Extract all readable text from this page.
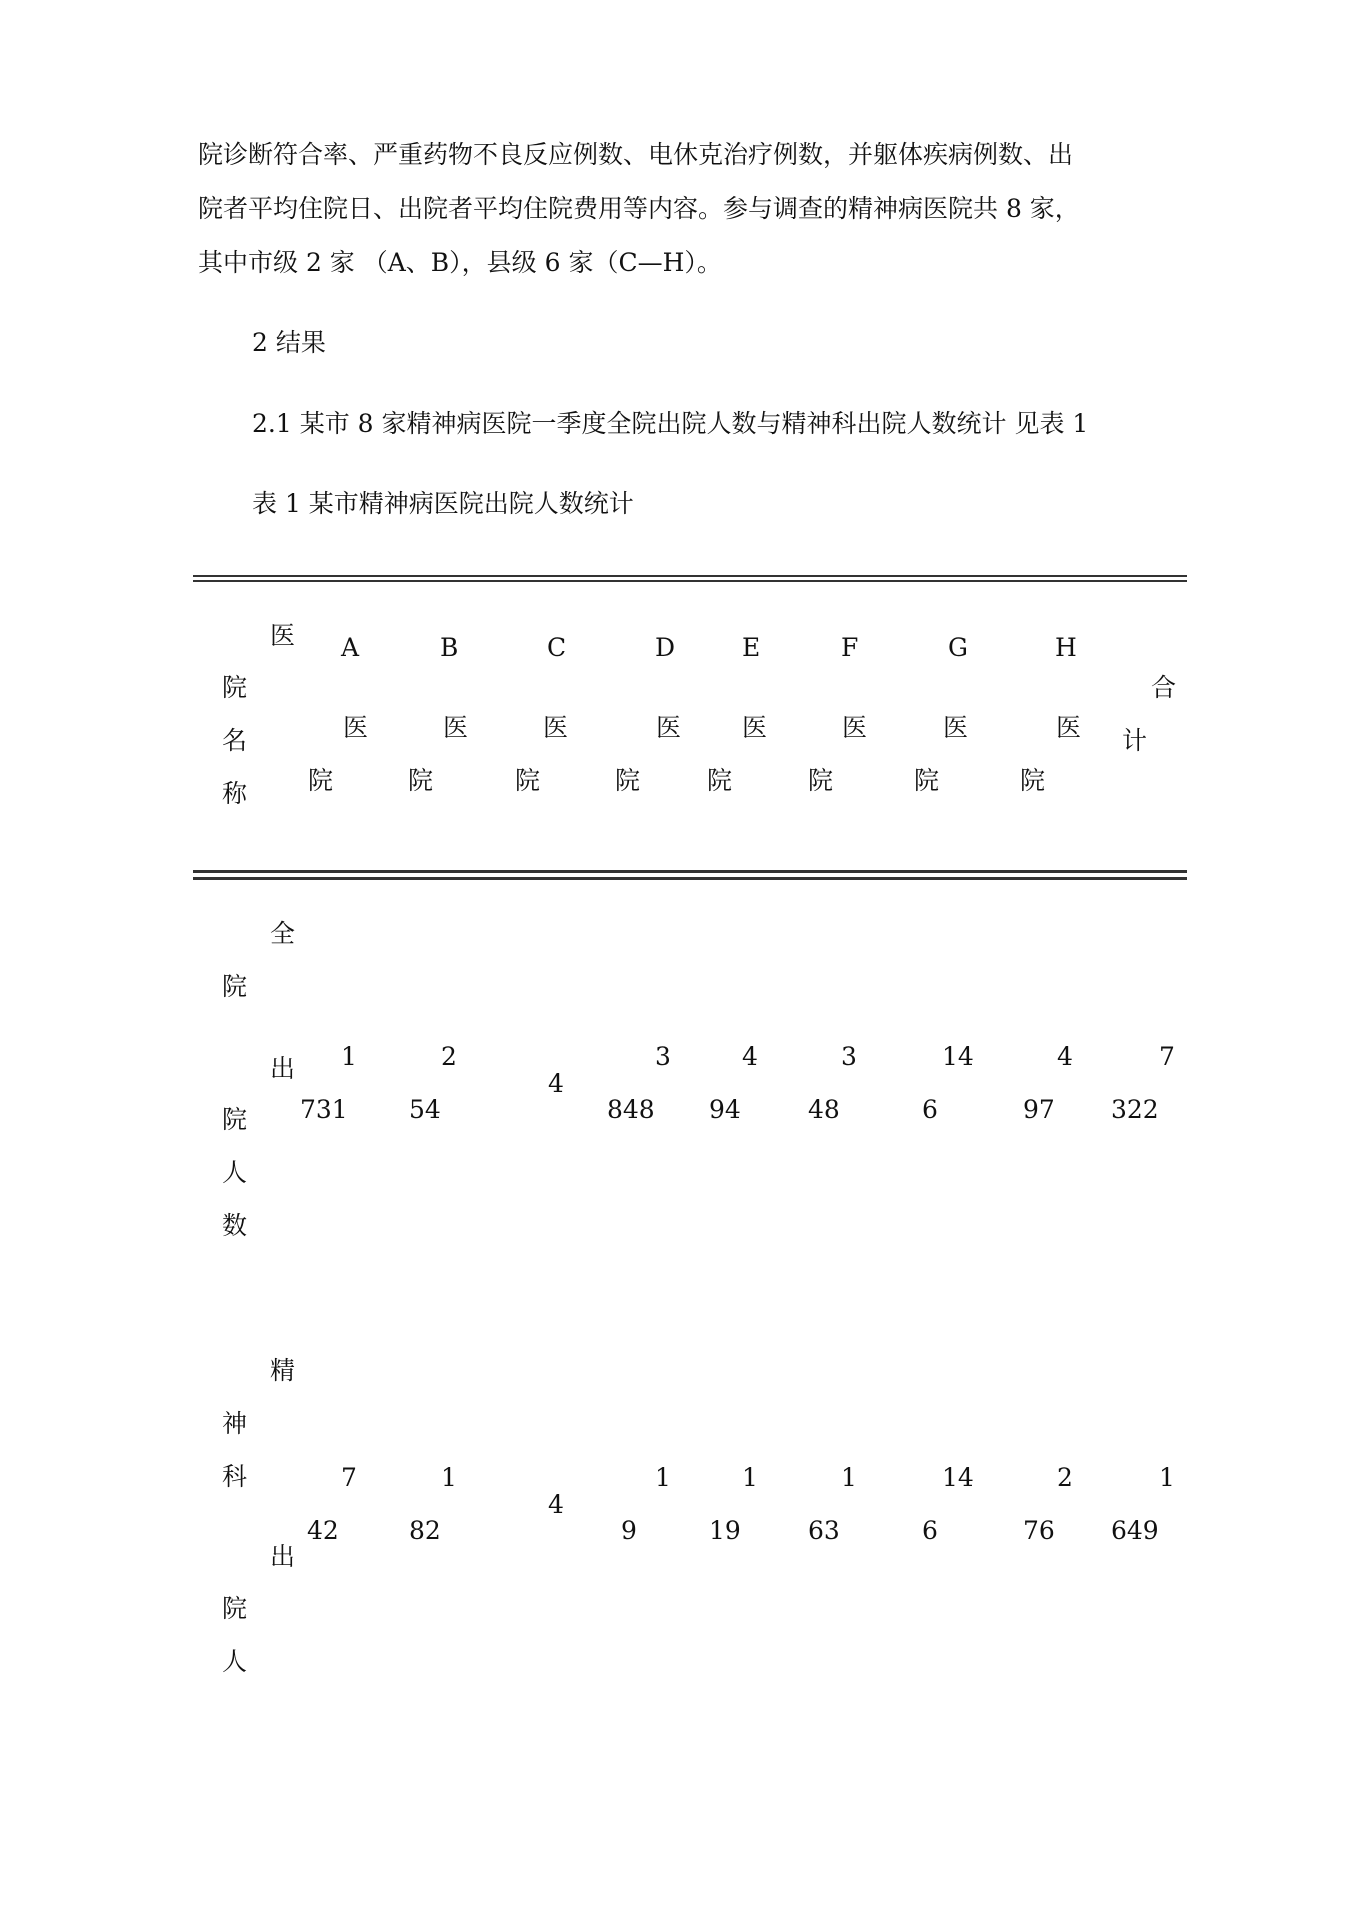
院诊断符合率、严重药物不良反应例数、电休克治疗例数，并躯体疾病例数、出

院者平均住院日、出院者平均住院费用等内容。参与调查的精神病医院共 8 家，

其中市级 2 家 （A、B），县级 6 家（C—H）。

2 结果
2.1 某市 8 家精神病医院一季度全院出院人数与精神科出院人数统计 见表 1
表 1 某市精神病医院出院人数统计
医
院
名
称
A
医
院
B
医
院
C
医
院
D
医
院
E
医
院
F
医
院
G
医
院
H
医
院
合
计
全
院
出
院
人
数
1
731
2
54
4
3
848
4
94
3
48
14
6
4
97
7
322
精
神
科
出
院
人
7
42
1
82
4
1
9
1
19
1
63
14
6
2
76
1
649
